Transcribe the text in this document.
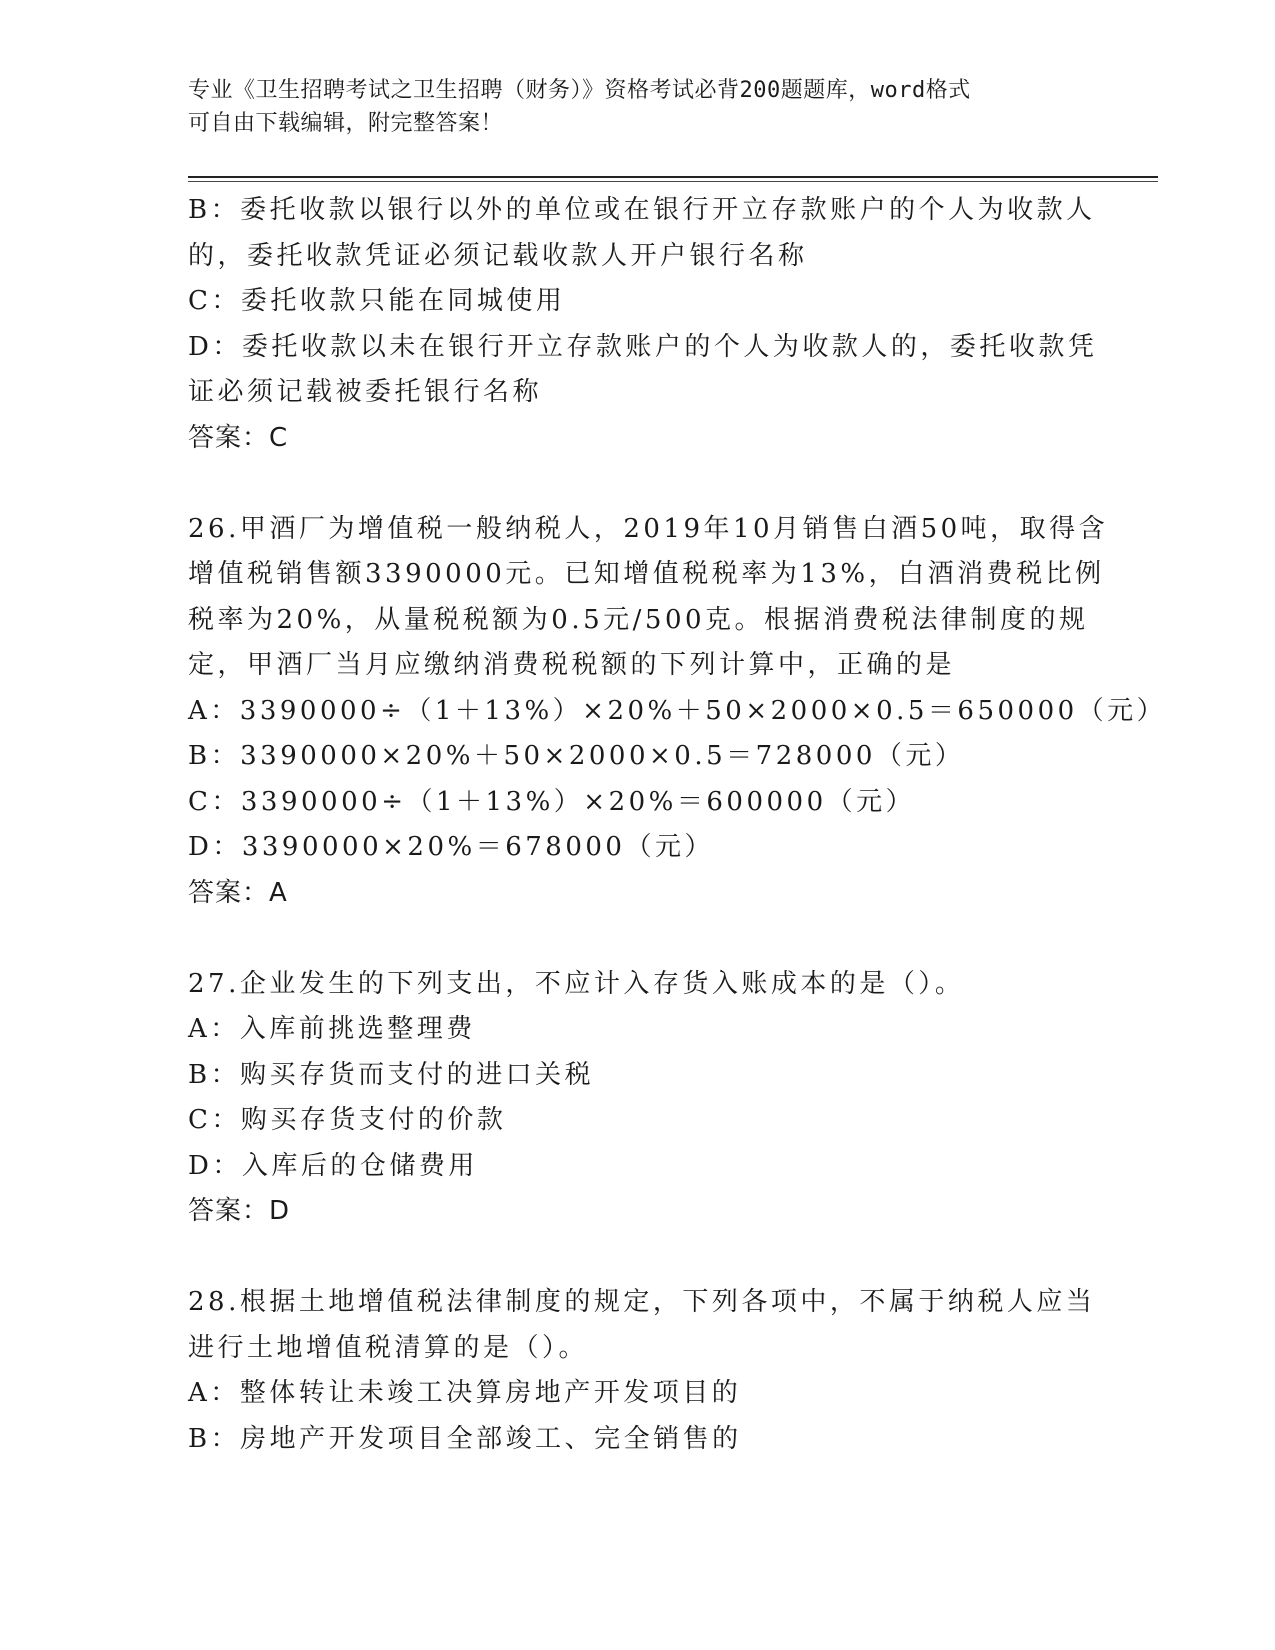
专业《卫生招聘考试之卫生招聘（财务）》资格考试必背200题题库，word格式
可自由下载编辑，附完整答案！
B：委托收款以银行以外的单位或在银行开立存款账户的个人为收款人
的，委托收款凭证必须记载收款人开户银行名称
C：委托收款只能在同城使用
D：委托收款以未在银行开立存款账户的个人为收款人的，委托收款凭
证必须记载被委托银行名称
答案：C
26.甲酒厂为增值税一般纳税人，2019年10月销售白酒50吨，取得含
增值税销售额3390000元。已知增值税税率为13%，白酒消费税比例
税率为20%，从量税税额为0.5元/500克。根据消费税法律制度的规
定，甲酒厂当月应缴纳消费税税额的下列计算中，正确的是
A：3390000÷（1＋13%）×20%＋50×2000×0.5＝650000（元）
B：3390000×20%＋50×2000×0.5＝728000（元）
C：3390000÷（1＋13%）×20%＝600000（元）
D：3390000×20%＝678000（元）
答案：A
27.企业发生的下列支出，不应计入存货入账成本的是（）。
A：入库前挑选整理费
B：购买存货而支付的进口关税
C：购买存货支付的价款
D：入库后的仓储费用
答案：D
28.根据土地增值税法律制度的规定，下列各项中，不属于纳税人应当
进行土地增值税清算的是（）。
A：整体转让未竣工决算房地产开发项目的
B：房地产开发项目全部竣工、完全销售的
